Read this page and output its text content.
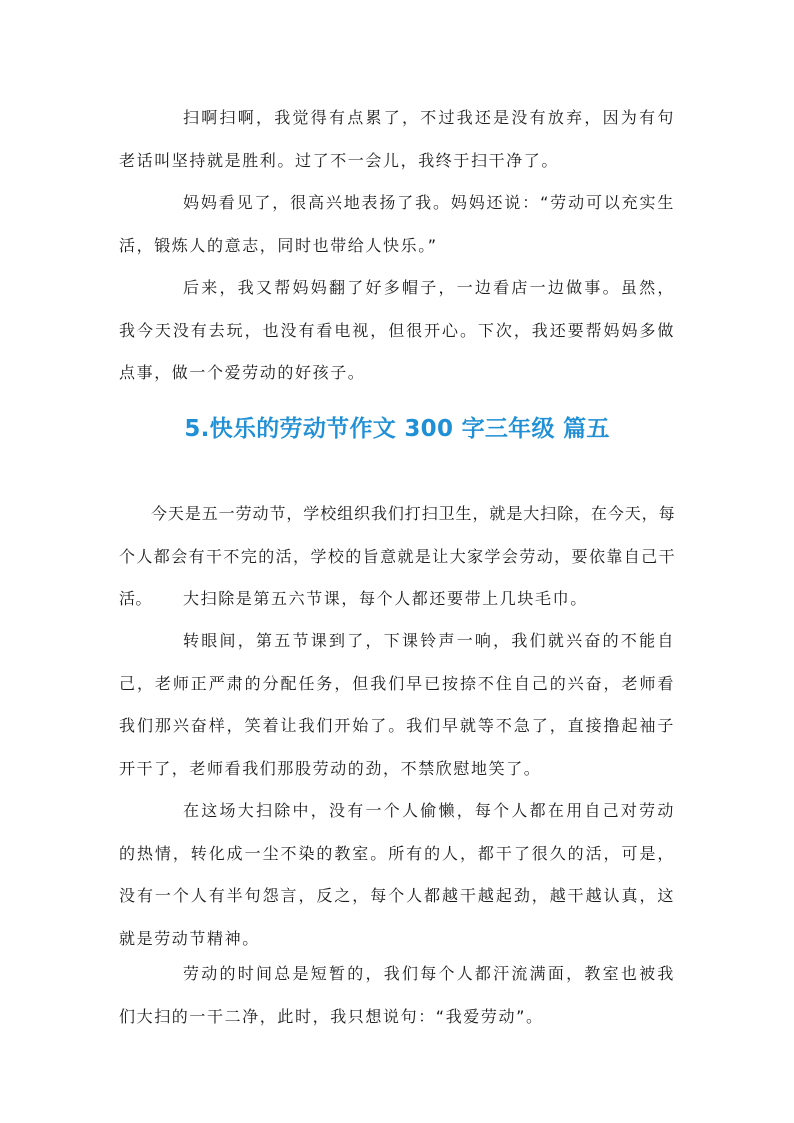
扫啊扫啊，我觉得有点累了，不过我还是没有放弃，因为有句老话叫坚持就是胜利。过了不一会儿，我终于扫干净了。

妈妈看见了，很高兴地表扬了我。妈妈还说：“劳动可以充实生活，锻炼人的意志，同时也带给人快乐。”

后来，我又帮妈妈翻了好多帽子，一边看店一边做事。虽然，我今天没有去玩，也没有看电视，但很开心。下次，我还要帮妈妈多做点事，做一个爱劳动的好孩子。

5.快乐的劳动节作文 300 字三年级 篇五

今天是五一劳动节，学校组织我们打扫卫生，就是大扫除，在今天，每个人都会有干不完的活，学校的旨意就是让大家学会劳动，要依靠自己干活。	大扫除是第五六节课，每个人都还要带上几块毛巾。

转眼间，第五节课到了，下课铃声一响，我们就兴奋的不能自己，老师正严肃的分配任务，但我们早已按捺不住自己的兴奋，老师看我们那兴奋样，笑着让我们开始了。我们早就等不急了，直接撸起袖子开干了，老师看我们那股劳动的劲，不禁欣慰地笑了。

在这场大扫除中，没有一个人偷懒，每个人都在用自己对劳动的热情，转化成一尘不染的教室。所有的人，都干了很久的活，可是，没有一个人有半句怨言，反之，每个人都越干越起劲，越干越认真，这就是劳动节精神。

劳动的时间总是短暂的，我们每个人都汗流满面，教室也被我们大扫的一干二净，此时，我只想说句：“我爱劳动”。
